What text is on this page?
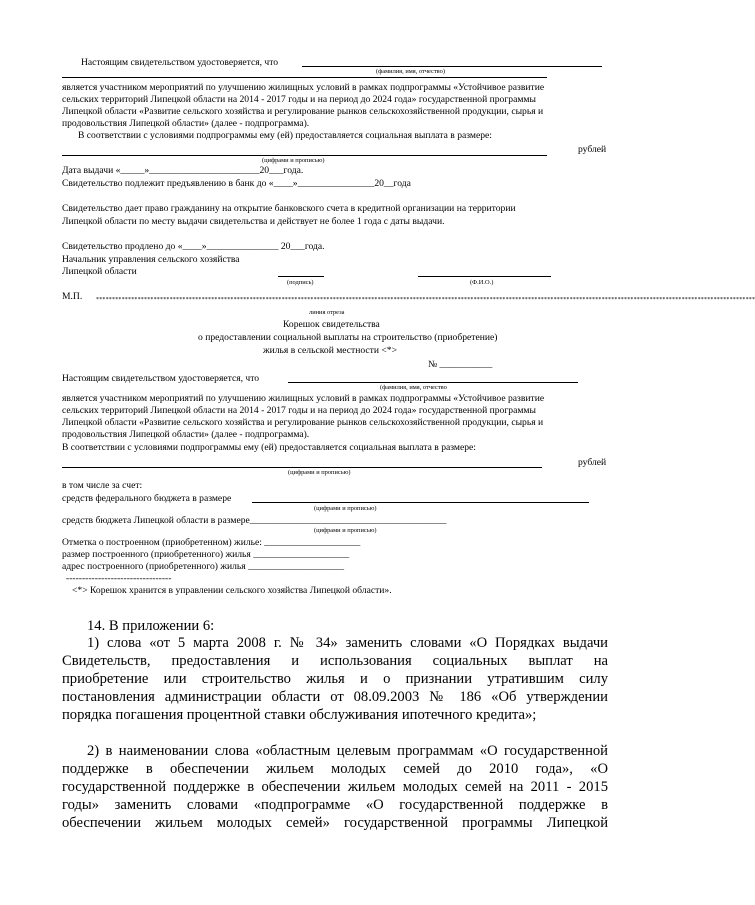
Настоящим свидетельством удостоверяется, что
(фамилия, имя, отчество)
является участником мероприятий по улучшению жилищных условий в рамках подпрограммы «Устойчивое развитие
сельских территорий Липецкой области на 2014 - 2017 годы и на период до 2024 года» государственной программы
Липецкой области «Развитие сельского хозяйства и регулирование рынков сельскохозяйственной продукции, сырья и
продовольствия Липецкой области» (далее - подпрограмма).
В соответствии с условиями подпрограммы ему (ей) предоставляется социальная выплата в размере:
рублей
(цифрами и прописью)
Дата выдачи «_____»_______________________20___года.
Свидетельство подлежит предъявлению в банк до «____»________________20__года
Свидетельство дает право гражданину на открытие банковского счета в кредитной организации на территории
Липецкой области по месту выдачи свидетельства и действует не более 1 года с даты выдачи.
Свидетельство продлено до «____»_______________ 20___года.
Начальник управления сельского хозяйства
Липецкой области
(подпись)	(Ф.И.О.)
М.П. **************************************************************************************************************************************************************************************************************
линия отреза
Корешок свидетельства
о предоставлении социальной выплаты на строительство (приобретение)
жилья в сельской местности <*>
№ ___________
Настоящим свидетельством удостоверяется, что
(фамилия, имя, отчество
является участником мероприятий по улучшению жилищных условий в рамках подпрограммы «Устойчивое развитие
сельских территорий Липецкой области на 2014 - 2017 годы и на период до 2024 года» государственной программы
Липецкой области «Развитие сельского хозяйства и регулирование рынков сельскохозяйственной продукции, сырья и
продовольствия Липецкой области» (далее - подпрограмма).
В соответствии с условиями подпрограммы ему (ей) предоставляется социальная выплата в размере:
рублей
(цифрами и прописью)
в том числе за счет:
средств федерального бюджета в размере
(цифрами и прописью)
средств бюджета Липецкой области в размере_________________________________________
(цифрами и прописью)
Отметка о построенном (приобретенном) жилье: ____________________
размер построенного (приобретенного) жилья ____________________
адрес построенного (приобретенного) жилья ____________________
---------------------------------
<*> Корешок хранится в управлении сельского хозяйства Липецкой области».
14. В приложении 6:
1) слова «от 5 марта 2008 г. № 34» заменить словами «О Порядках выдачи
Свидетельств, предоставления и использования социальных выплат на
приобретение или строительство жилья и о признании утратившим силу
постановления администрации области от 08.09.2003 № 186 «Об утверждении
порядка погашения процентной ставки обслуживания ипотечного кредита»;
2) в наименовании слова «областным целевым программам «О государственной
поддержке в обеспечении жильем молодых семей до 2010 года», «О
государственной поддержке в обеспечении жильем молодых семей на 2011 - 2015
годы» заменить словами «подпрограмме «О государственной поддержке в
обеспечении жильем молодых семей» государственной программы Липецкой
